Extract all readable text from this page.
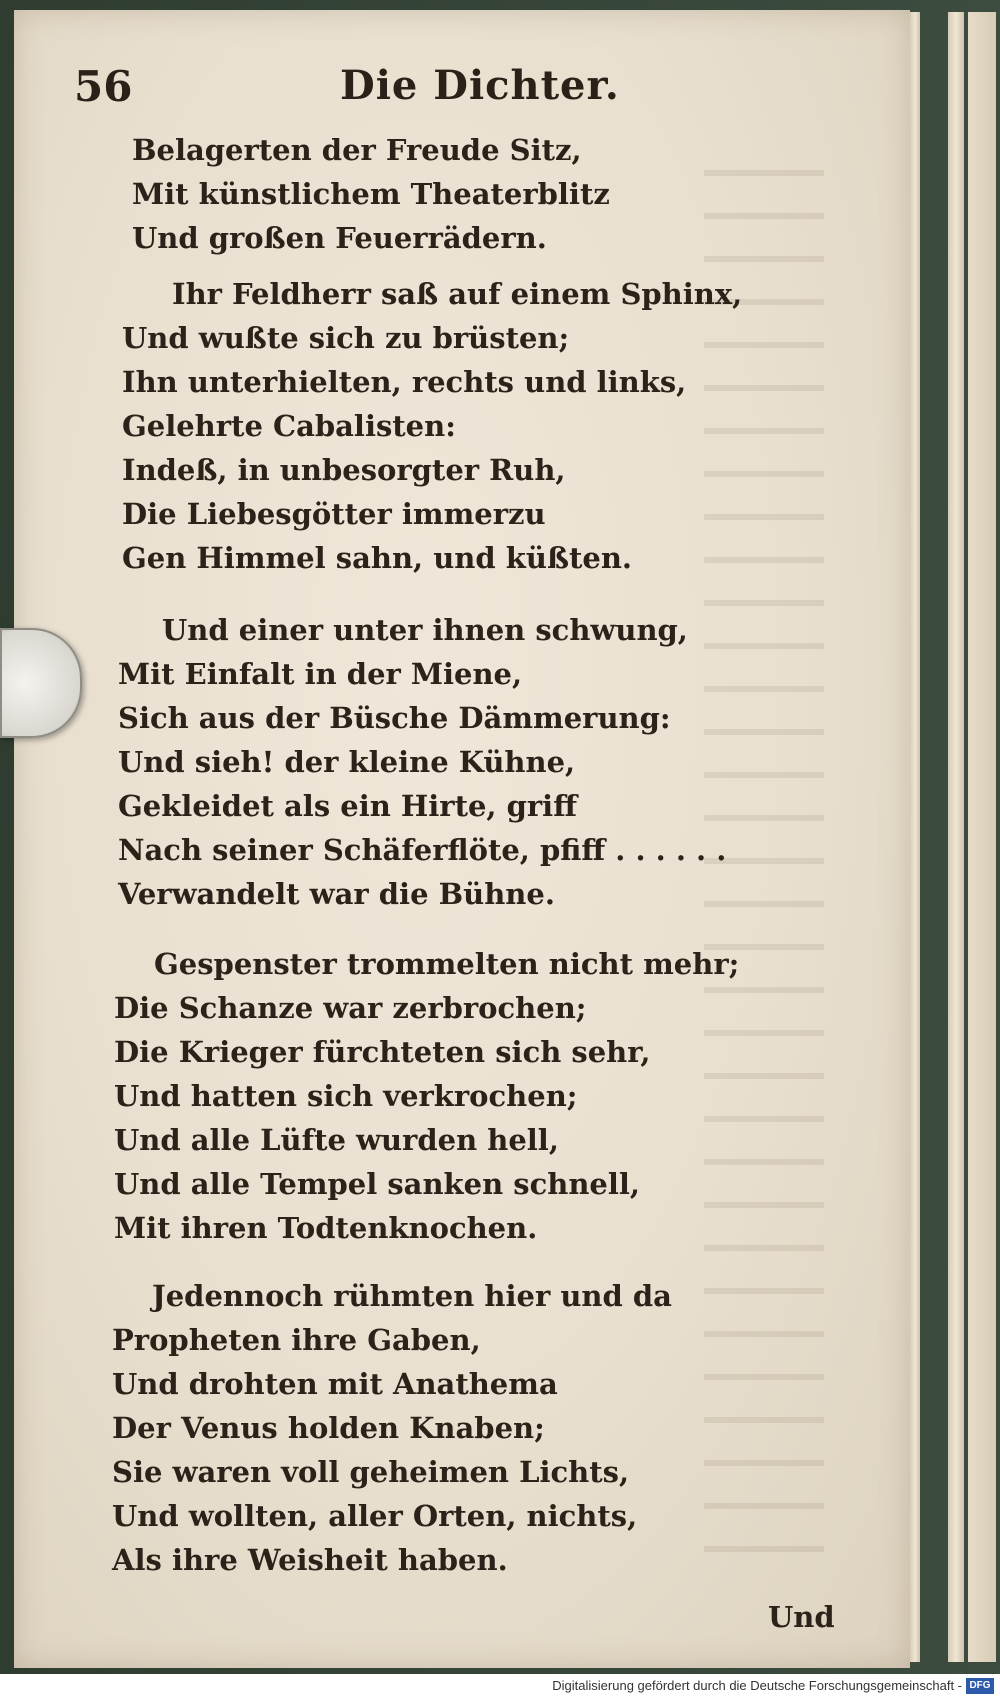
56	Die Dichter.
Belagerten der Freude Sitz,
Mit künstlichem Theaterblitz
Und großen Feuerrädern.
Ihr Feldherr saß auf einem Sphinx,
Und wußte sich zu brüsten;
Ihn unterhielten, rechts und links,
Gelehrte Cabalisten:
Indeß, in unbesorgter Ruh,
Die Liebesgötter immerzu
Gen Himmel sahn, und küßten.
Und einer unter ihnen schwung,
Mit Einfalt in der Miene,
Sich aus der Büsche Dämmerung:
Und sieh! der kleine Kühne,
Gekleidet als ein Hirte, griff
Nach seiner Schäferflöte, pfiff . . . . . .
Verwandelt war die Bühne.
Gespenster trommelten nicht mehr;
Die Schanze war zerbrochen;
Die Krieger fürchteten sich sehr,
Und hatten sich verkrochen;
Und alle Lüfte wurden hell,
Und alle Tempel sanken schnell,
Mit ihren Todtenknochen.
Jedennoch rühmten hier und da
Propheten ihre Gaben,
Und drohten mit Anathema
Der Venus holden Knaben;
Sie waren voll geheimen Lichts,
Und wollten, aller Orten, nichts,
Als ihre Weisheit haben.
Und
Digitalisierung gefördert durch die Deutsche Forschungsgemeinschaft - DFG
